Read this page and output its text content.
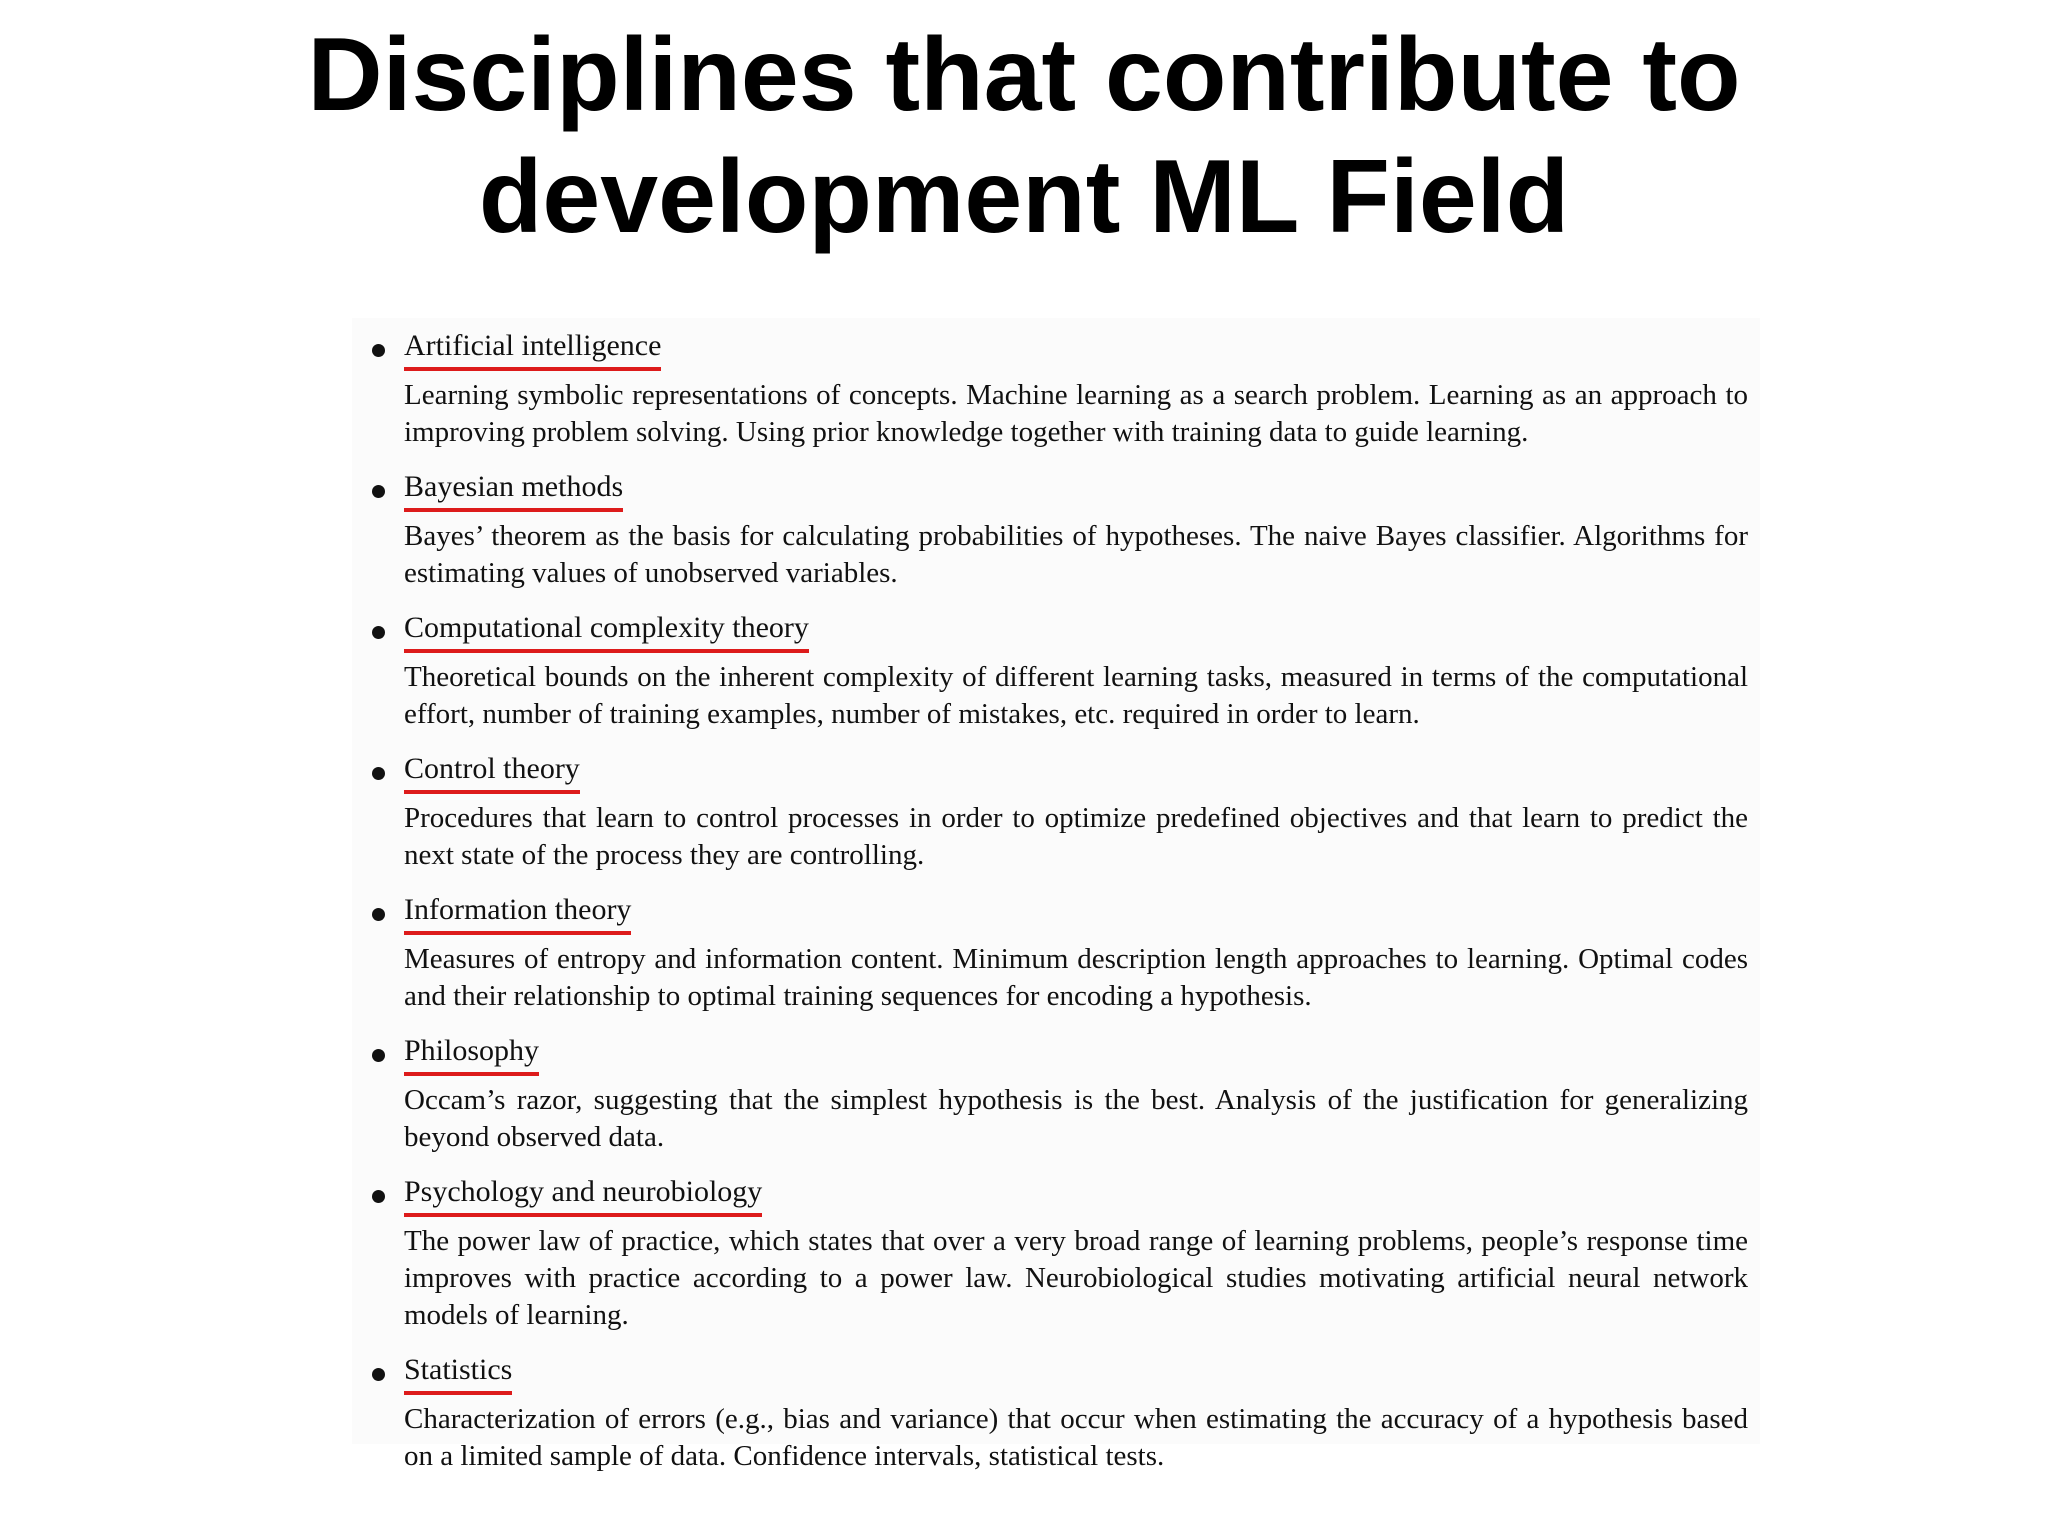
Disciplines that contribute to
development ML Field
Artificial intelligence

Learning symbolic representations of concepts. Machine learning as a search problem. Learning as an approach to improving problem solving. Using prior knowledge together with training data to guide learning.

Bayesian methods

Bayes’ theorem as the basis for calculating probabilities of hypotheses. The naive Bayes classifier. Algorithms for estimating values of unobserved variables.

Computational complexity theory

Theoretical bounds on the inherent complexity of different learning tasks, measured in terms of the computational effort, number of training examples, number of mistakes, etc. required in order to learn.

Control theory

Procedures that learn to control processes in order to optimize predefined objectives and that learn to predict the next state of the process they are controlling.

Information theory

Measures of entropy and information content. Minimum description length approaches to learning. Optimal codes and their relationship to optimal training sequences for encoding a hypothesis.

Philosophy

Occam’s razor, suggesting that the simplest hypothesis is the best. Analysis of the justification for generalizing beyond observed data.

Psychology and neurobiology

The power law of practice, which states that over a very broad range of learning problems, people’s response time improves with practice according to a power law. Neurobiological studies motivating artificial neural network models of learning.

Statistics

Characterization of errors (e.g., bias and variance) that occur when estimating the accuracy of a hypothesis based on a limited sample of data. Confidence intervals, statistical tests.
